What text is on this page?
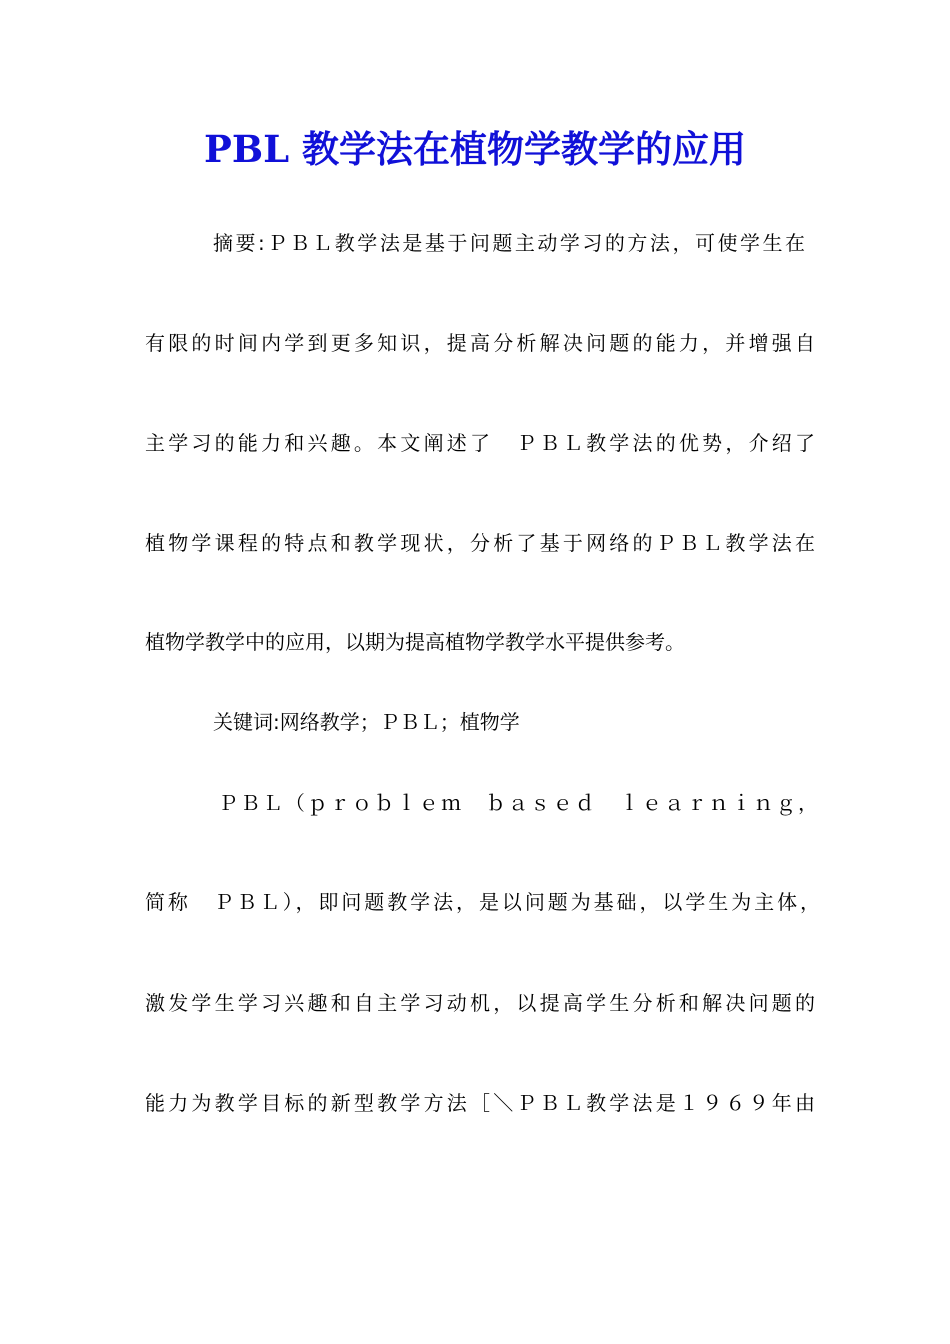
PBL 教学法在植物学教学的应用
摘要:ＰＢＬ教学法是基于问题主动学习的方法，可使学生在
有限的时间内学到更多知识，提高分析解决问题的能力，并增强自
主学习的能力和兴趣。本文阐述了　ＰＢＬ教学法的优势，介绍了
植物学课程的特点和教学现状，分析了基于网络的ＰＢＬ教学法在
植物学教学中的应用，以期为提高植物学教学水平提供参考。
关键词:网络教学；ＰＢＬ；植物学
ＰＢＬ（ｐｒｏｂｌｅｍ　ｂａｓｅｄ　ｌｅａｒｎｉｎｇ，
简称　ＰＢＬ），即问题教学法，是以问题为基础，以学生为主体，
激发学生学习兴趣和自主学习动机，以提高学生分析和解决问题的
能力为教学目标的新型教学方法［＼ＰＢＬ教学法是１９６９年由
